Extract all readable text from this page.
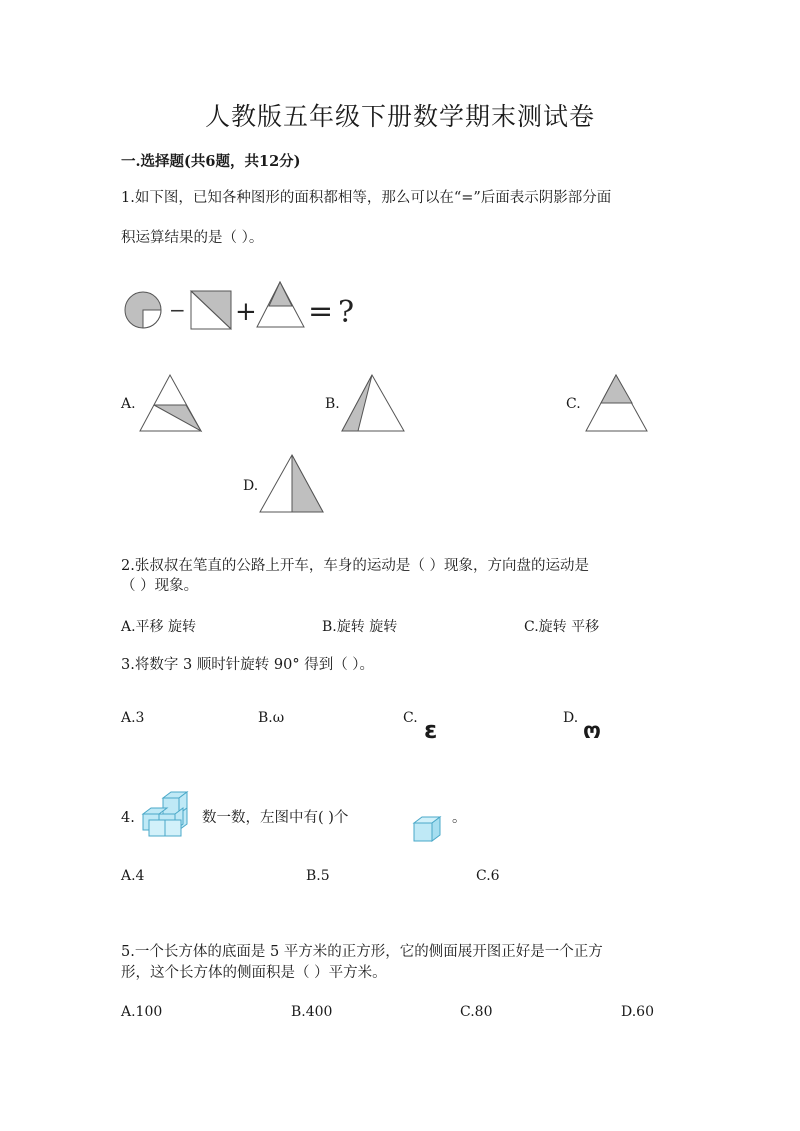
人教版五年级下册数学期末测试卷
一.选择题(共6题，共12分)
1.如下图，已知各种图形的面积都相等，那么可以在“=”后面表示阴影部分面
积运算结果的是（ ）。
− + = ?
A.	B.	C.
D.
2.张叔叔在笔直的公路上开车，车身的运动是（ ）现象，方向盘的运动是
（ ）现象。
A.平移 旋转	B.旋转 旋转	C.旋转 平移
3.将数字 3 顺时针旋转 90° 得到（ ）。
A.3	B.ω	C. ɛ	D.
ო
4.	数一数，左图中有( )个	。
A.4	B.5	C.6
5.一个长方体的底面是 5 平方米的正方形，它的侧面展开图正好是一个正方
形，这个长方体的侧面积是（ ）平方米。
A.100	B.400	C.80	D.60
